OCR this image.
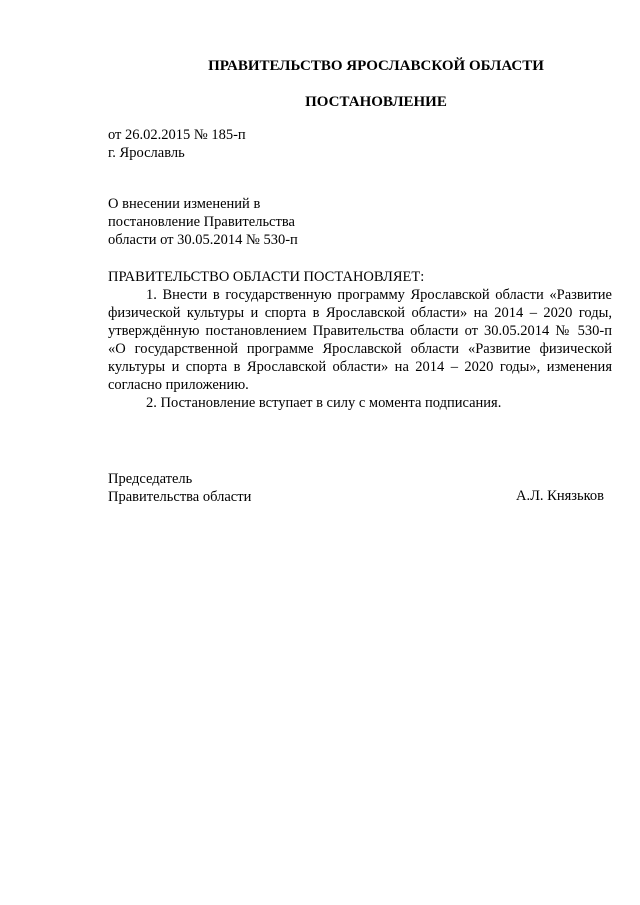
ПРАВИТЕЛЬСТВО ЯРОСЛАВСКОЙ ОБЛАСТИ
ПОСТАНОВЛЕНИЕ
от 26.02.2015 № 185-п
г. Ярославль
О внесении изменений в
постановление Правительства
области от 30.05.2014 № 530-п

ПРАВИТЕЛЬСТВО ОБЛАСТИ ПОСТАНОВЛЯЕТ:

1. Внести в государственную программу Ярославской области «Развитие физической культуры и спорта в Ярославской области» на 2014 – 2020 годы, утверждённую постановлением Правительства области от 30.05.2014 № 530-п «О государственной программе Ярославской области «Развитие физической культуры и спорта в Ярославской области» на 2014 – 2020 годы», изменения согласно приложению.

2. Постановление вступает в силу с момента подписания.

Председатель
Правительства области	А.Л. Князьков
